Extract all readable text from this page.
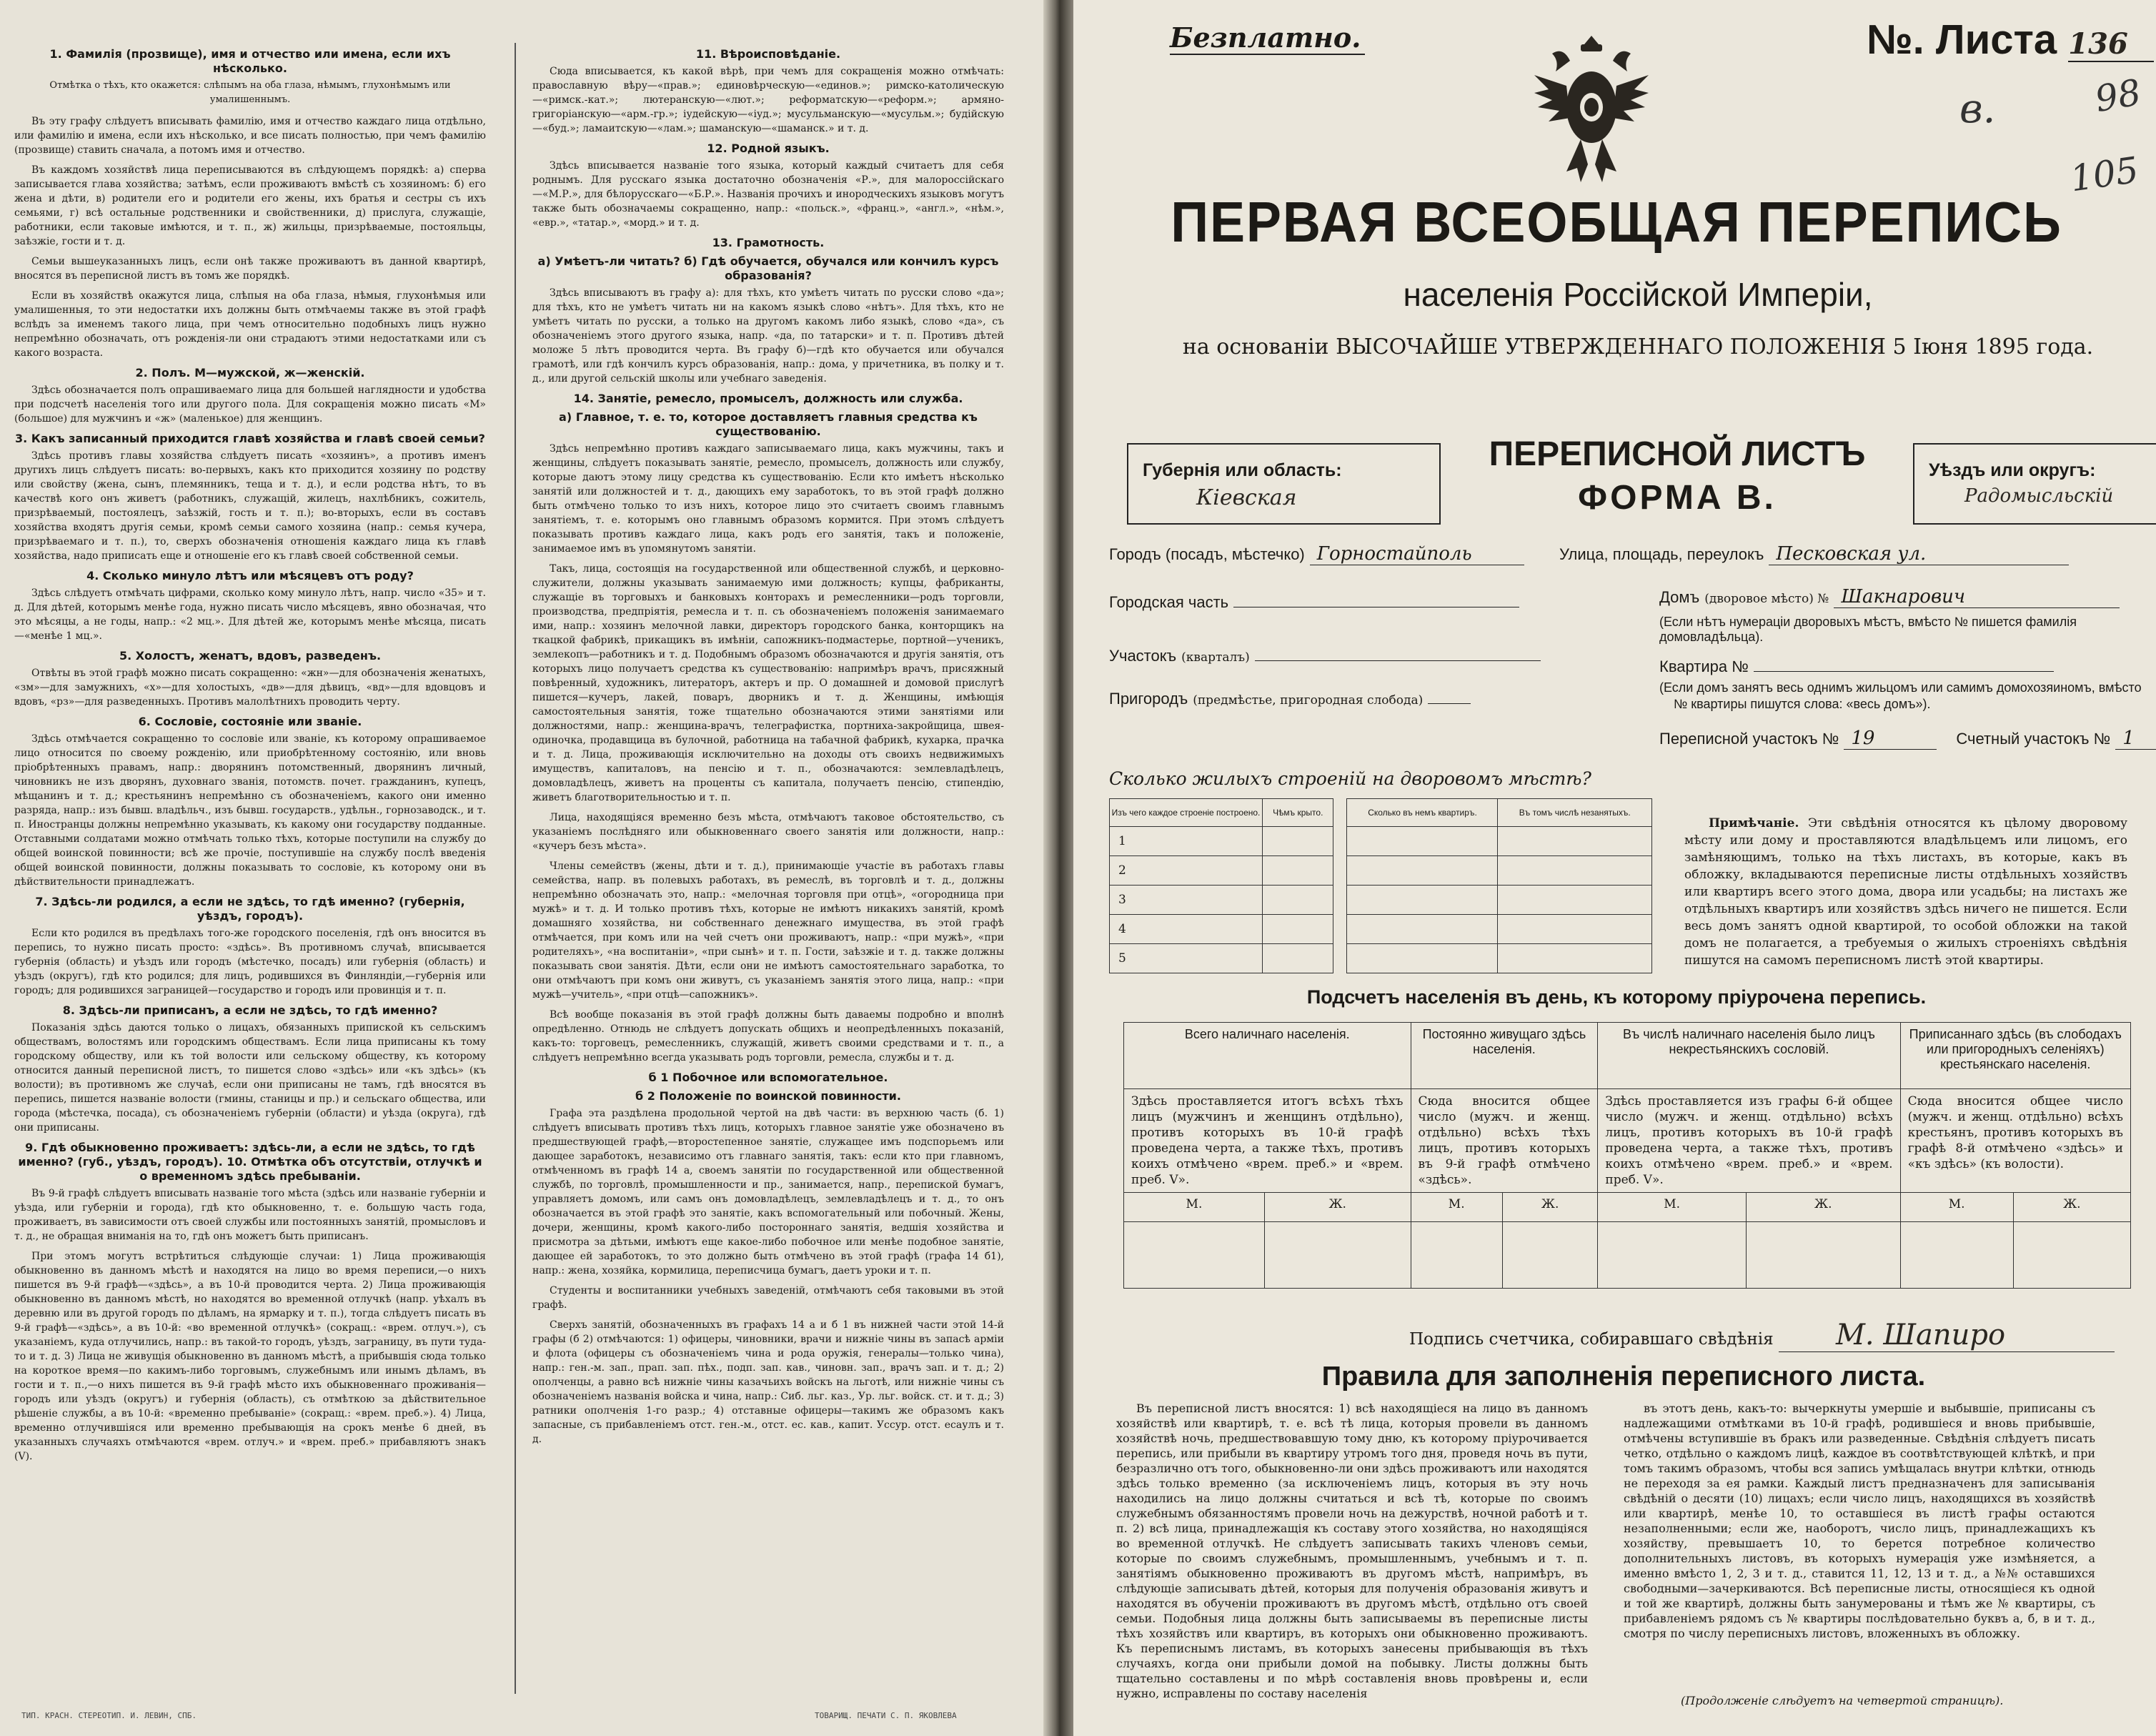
1. Фамилія (прозвище), имя и отчество или имена, если ихъ нѣсколько.
Отмѣтка о тѣхъ, кто окажется: слѣпымъ на оба глаза, нѣмымъ, глухонѣмымъ или умалишеннымъ.

Въ эту графу слѣдуетъ вписывать фамилію, имя и отчество каждаго лица отдѣльно, или фамилію и имена, если ихъ нѣсколько, и все писать полностью, при чемъ фамилію (прозвище) ставить сначала, а потомъ имя и отчество.

Въ каждомъ хозяйствѣ лица переписываются въ слѣдующемъ порядкѣ: а) сперва записывается глава хозяйства; затѣмъ, если проживаютъ вмѣстѣ съ хозяиномъ: б) его жена и дѣти, в) родители его и родители его жены, ихъ братья и сестры съ ихъ семьями, г) всѣ остальные родственники и свойственники, д) прислуга, служащіе, работники, если таковые имѣются, и т. п., ж) жильцы, призрѣваемые, постояльцы, заѣзжіе, гости и т. д.

Семьи вышеуказанныхъ лицъ, если онѣ также проживаютъ въ данной квартирѣ, вносятся въ переписной листъ въ томъ же порядкѣ.

Если въ хозяйствѣ окажутся лица, слѣпыя на оба глаза, нѣмыя, глухонѣмыя или умалишенныя, то эти недостатки ихъ должны быть отмѣчаемы также въ этой графѣ вслѣдъ за именемъ такого лица, при чемъ относительно подобныхъ лицъ нужно непремѣнно обозначать, отъ рожденія-ли они страдаютъ этими недостатками или съ какого возраста.

2. Полъ. М—мужской, ж—женскій.

Здѣсь обозначается полъ опрашиваемаго лица для большей наглядности и удобства при подсчетѣ населенія того или другого пола. Для сокращенія можно писать «М» (большое) для мужчинъ и «ж» (маленькое) для женщинъ.

3. Какъ записанный приходится главѣ хозяйства и главѣ своей семьи?

Здѣсь противъ главы хозяйства слѣдуетъ писать «хозяинъ», а противъ именъ другихъ лицъ слѣдуетъ писать: во-первыхъ, какъ кто приходится хозяину по родству или свойству (жена, сынъ, племянникъ, теща и т. д.), и если родства нѣтъ, то въ качествѣ кого онъ живетъ (работникъ, служащій, жилецъ, нахлѣбникъ, сожитель, призрѣваемый, постоялецъ, заѣзжій, гость и т. п.); во-вторыхъ, если въ составъ хозяйства входятъ другія семьи, кромѣ семьи самого хозяина (напр.: семья кучера, призрѣваемаго и т. п.), то, сверхъ обозначенія отношенія каждаго лица къ главѣ хозяйства, надо приписать еще и отношеніе его къ главѣ своей собственной семьи.

4. Сколько минуло лѣтъ или мѣсяцевъ отъ роду?

Здѣсь слѣдуетъ отмѣчать цифрами, сколько кому минуло лѣтъ, напр. число «35» и т. д. Для дѣтей, которымъ менѣе года, нужно писать число мѣсяцевъ, явно обозначая, что это мѣсяцы, а не годы, напр.: «2 мц.». Для дѣтей же, которымъ менѣе мѣсяца, писать—«менѣе 1 мц.».

5. Холостъ, женатъ, вдовъ, разведенъ.

Отвѣты въ этой графѣ можно писать сокращенно: «жн»—для обозначенія женатыхъ, «зм»—для замужнихъ, «х»—для холостыхъ, «дв»—для дѣвицъ, «вд»—для вдовцовъ и вдовъ, «рз»—для разведенныхъ. Противъ малолѣтнихъ проводить черту.

6. Сословіе, состояніе или званіе.

Здѣсь отмѣчается сокращенно то сословіе или званіе, къ которому опрашиваемое лицо относится по своему рожденію, или приобрѣтенному состоянію, или вновь пріобрѣтенныхъ правамъ, напр.: дворянинъ потомственный, дворянинъ личный, чиновникъ не изъ дворянъ, духовнаго званія, потомств. почет. гражданинъ, купецъ, мѣщанинъ и т. д.; крестьянинъ непремѣнно съ обозначеніемъ, какого они именно разряда, напр.: изъ бывш. владѣльч., изъ бывш. государств., удѣльн., горнозаводск., и т. п. Иностранцы должны непремѣнно указывать, къ какому они государству подданные. Отставными солдатами можно отмѣчать только тѣхъ, которые поступили на службу до общей воинской повинности; всѣ же прочіе, поступившіе на службу послѣ введенія общей воинской повинности, должны показывать то сословіе, къ которому они въ дѣйствительности принадлежатъ.

7. Здѣсь-ли родился, а если не здѣсь, то гдѣ именно? (губернія, уѣздъ, городъ).

Если кто родился въ предѣлахъ того-же городского поселенія, гдѣ онъ вносится въ перепись, то нужно писать просто: «здѣсь». Въ противномъ случаѣ, вписывается губернія (область) и уѣздъ или городъ (мѣстечко, посадъ) или губернія (область) и уѣздъ (округъ), гдѣ кто родился; для лицъ, родившихся въ Финляндіи,—губернія или городъ; для родившихся заграницей—государство и городъ или провинція и т. п.

8. Здѣсь-ли приписанъ, а если не здѣсь, то гдѣ именно?

Показанія здѣсь даются только о лицахъ, обязанныхъ припиской къ сельскимъ обществамъ, волостямъ или городскимъ обществамъ. Если лица приписаны къ тому городскому обществу, или къ той волости или сельскому обществу, къ которому относится данный переписной листъ, то пишется слово «здѣсь» или «къ здѣсь» (къ волости); въ противномъ же случаѣ, если они приписаны не тамъ, гдѣ вносятся въ перепись, пишется названіе волости (гмины, станицы и пр.) и сельскаго общества, или города (мѣстечка, посада), съ обозначеніемъ губерніи (области) и уѣзда (округа), гдѣ они приписаны.

9. Гдѣ обыкновенно проживаетъ: здѣсь-ли, а если не здѣсь, то гдѣ именно? (губ., уѣздъ, городъ). 10. Отмѣтка объ отсутствіи, отлучкѣ и о временномъ здѣсь пребываніи.

Въ 9-й графѣ слѣдуетъ вписывать названіе того мѣста (здѣсь или названіе губерніи и уѣзда, или губерніи и города), гдѣ кто обыкновенно, т. е. большую часть года, проживаетъ, въ зависимости отъ своей службы или постоянныхъ занятій, промысловъ и т. д., не обращая вниманія на то, гдѣ онъ можетъ быть приписанъ.

При этомъ могутъ встрѣтиться слѣдующіе случаи: 1) Лица проживающія обыкновенно въ данномъ мѣстѣ и находятся на лицо во время переписи,—о нихъ пишется въ 9-й графѣ—«здѣсь», а въ 10-й проводится черта. 2) Лица проживающія обыкновенно въ данномъ мѣстѣ, но находятся во временной отлучкѣ (напр. уѣхалъ въ деревню или въ другой городъ по дѣламъ, на ярмарку и т. п.), тогда слѣдуетъ писать въ 9-й графѣ—«здѣсь», а въ 10-й: «во временной отлучкѣ» (сокращ.: «врем. отлуч.»), съ указаніемъ, куда отлучились, напр.: въ такой-то городъ, уѣздъ, заграницу, въ пути туда-то и т. д. 3) Лица не живущія обыкновенно въ данномъ мѣстѣ, а прибывшія сюда только на короткое время—по какимъ-либо торговымъ, служебнымъ или инымъ дѣламъ, въ гости и т. п.,—о нихъ пишется въ 9-й графѣ мѣсто ихъ обыкновеннаго проживанія—городъ или уѣздъ (округъ) и губернія (область), съ отмѣткою за дѣйствительное рѣшеніе службы, а въ 10-й: «временно пребываніе» (сокращ.: «врем. преб.»). 4) Лица, временно отлучившіяся или временно пребывающія на срокъ менѣе 6 дней, въ указанныхъ случаяхъ отмѣчаются «врем. отлуч.» и «врем. преб.» прибавляютъ знакъ (V).

11. Вѣроисповѣданіе.

Сюда вписывается, къ какой вѣрѣ, при чемъ для сокращенія можно отмѣчать: православную вѣру—«прав.»; единовѣрческую—«единов.»; римско-католическую—«римск.-кат.»; лютеранскую—«лют.»; реформатскую—«реформ.»; армяно-григоріанскую—«арм.-гр.»; іудейскую—«іуд.»; мусульманскую—«мусульм.»; будійскую—«буд.»; ламаитскую—«лам.»; шаманскую—«шаманск.» и т. д.

12. Родной языкъ.

Здѣсь вписывается названіе того языка, который каждый считаетъ для себя роднымъ. Для русскаго языка достаточно обозначенія «Р.», для малороссійскаго—«М.Р.», для бѣлорусскаго—«Б.Р.». Названія прочихъ и инородческихъ языковъ могутъ также быть обозначаемы сокращенно, напр.: «польск.», «франц.», «англ.», «нѣм.», «евр.», «татар.», «морд.» и т. д.

13. Грамотность.
а) Умѣетъ-ли читать? б) Гдѣ обучается, обучался или кончилъ курсъ образованія?

Здѣсь вписываютъ въ графу а): для тѣхъ, кто умѣетъ читать по русски слово «да»; для тѣхъ, кто не умѣетъ читать ни на какомъ языкѣ слово «нѣтъ». Для тѣхъ, кто не умѣетъ читать по русски, а только на другомъ какомъ либо языкѣ, слово «да», съ обозначеніемъ этого другого языка, напр. «да, по татарски» и т. п. Противъ дѣтей моложе 5 лѣтъ проводится черта. Въ графу б)—гдѣ кто обучается или обучался грамотѣ, или гдѣ кончилъ курсъ образованія, напр.: дома, у причетника, въ полку и т. д., или другой сельскій школы или учебнаго заведенія.

14. Занятіе, ремесло, промыселъ, должность или служба.
а) Главное, т. е. то, которое доставляетъ главныя средства къ существованію.

Здѣсь непремѣнно противъ каждаго записываемаго лица, какъ мужчины, такъ и женщины, слѣдуетъ показывать занятіе, ремесло, промыселъ, должность или службу, которые даютъ этому лицу средства къ существованію. Если кто имѣетъ нѣсколько занятій или должностей и т. д., дающихъ ему заработокъ, то въ этой графѣ должно быть отмѣчено только то изъ нихъ, которое лицо это считаетъ своимъ главнымъ занятіемъ, т. е. которымъ оно главнымъ образомъ кормится. При этомъ слѣдуетъ показывать противъ каждаго лица, какъ родъ его занятія, такъ и положеніе, занимаемое имъ въ упомянутомъ занятіи.

Такъ, лица, состоящія на государственной или общественной службѣ, и церковно-служители, должны указывать занимаемую ими должность; купцы, фабриканты, служащіе въ торговыхъ и банковыхъ конторахъ и ремесленники—родъ торговли, производства, предпріятія, ремесла и т. п. съ обозначеніемъ положенія занимаемаго ими, напр.: хозяинъ мелочной лавки, директоръ городского банка, конторщикъ на ткацкой фабрикѣ, прикащикъ въ имѣніи, сапожникъ-подмастерье, портной—ученикъ, землекопъ—работникъ и т. д. Подобнымъ образомъ обозначаются и другія занятія, отъ которыхъ лицо получаетъ средства къ существованію: напримѣръ врачъ, присяжный повѣренный, художникъ, литераторъ, актеръ и пр. О домашней и домовой прислугѣ пишется—кучеръ, лакей, поваръ, дворникъ и т. д. Женщины, имѣющія самостоятельныя занятія, тоже тщательно обозначаются этими занятіями или должностями, напр.: женщина-врачъ, телеграфистка, портниха-закройщица, швея-одиночка, продавщица въ булочной, работница на табачной фабрикѣ, кухарка, прачка и т. д. Лица, проживающія исключительно на доходы отъ своихъ недвижимыхъ имуществъ, капиталовъ, на пенсію и т. п., обозначаются: землевладѣлецъ, домовладѣлецъ, живетъ на проценты съ капитала, получаетъ пенсію, стипендію, живетъ благотворительностью и т. п.

Лица, находящіяся временно безъ мѣста, отмѣчаютъ таковое обстоятельство, съ указаніемъ послѣдняго или обыкновеннаго своего занятія или должности, напр.: «кучеръ безъ мѣста».

Члены семействъ (жены, дѣти и т. д.), принимающіе участіе въ работахъ главы семейства, напр. въ полевыхъ работахъ, въ ремеслѣ, въ торговлѣ и т. д., должны непремѣнно обозначать это, напр.: «мелочная торговля при отцѣ», «огородница при мужѣ» и т. д. И только противъ тѣхъ, которые не имѣютъ никакихъ занятій, кромѣ домашняго хозяйства, ни собственнаго денежнаго имущества, въ этой графѣ отмѣчается, при комъ или на чей счетъ они проживаютъ, напр.: «при мужѣ», «при родителяхъ», «на воспитаніи», «при сынѣ» и т. п. Гости, заѣзжіе и т. д. также должны показывать свои занятія. Дѣти, если они не имѣютъ самостоятельнаго заработка, то они отмѣчаютъ при комъ они живутъ, съ указаніемъ занятія этого лица, напр.: «при мужѣ—учитель», «при отцѣ—сапожникъ».

Всѣ вообще показанія въ этой графѣ должны быть даваемы подробно и вполнѣ опредѣленно. Отнюдь не слѣдуетъ допускать общихъ и неопредѣленныхъ показаній, какъ-то: торговецъ, ремесленникъ, служащій, живетъ своими средствами и т. п., а слѣдуетъ непремѣнно всегда указывать родъ торговли, ремесла, службы и т. д.

б 1 Побочное или вспомогательное.
б 2 Положеніе по воинской повинности.

Графа эта раздѣлена продольной чертой на двѣ части: въ верхнюю часть (б. 1) слѣдуетъ вписывать противъ тѣхъ лицъ, которыхъ главное занятіе уже обозначено въ предшествующей графѣ,—второстепенное занятіе, служащее имъ подспорьемъ или дающее заработокъ, независимо отъ главнаго занятія, такъ: если кто при главномъ, отмѣченномъ въ графѣ 14 а, своемъ занятіи по государственной или общественной службѣ, по торговлѣ, промышленности и пр., занимается, напр., перепиской бумагъ, управляетъ домомъ, или самъ онъ домовладѣлецъ, землевладѣлецъ и т. д., то онъ обозначается въ этой графѣ это занятіе, какъ вспомогательный или побочный. Жены, дочери, женщины, кромѣ какого-либо постороннаго занятія, ведшія хозяйства и присмотра за дѣтьми, имѣютъ еще какое-либо побочное или менѣе подобное занятіе, дающее ей заработокъ, то это должно быть отмѣчено въ этой графѣ (графа 14 б1), напр.: жена, хозяйка, кормилица, переписчица бумагъ, даетъ уроки и т. п.

Студенты и воспитанники учебныхъ заведеній, отмѣчаютъ себя таковыми въ этой графѣ.

Сверхъ занятій, обозначенныхъ въ графахъ 14 а и б 1 въ нижней части этой 14-й графы (б 2) отмѣчаются: 1) офицеры, чиновники, врачи и нижніе чины въ запасѣ арміи и флота (офицеры съ обозначеніемъ чина и рода оружія, генералы—только чина), напр.: ген.-м. зап., прап. зап. пѣх., подп. зап. кав., чиновн. зап., врачъ зап. и т. д.; 2) ополченцы, а равно всѣ нижніе чины казачьихъ войскъ на льготѣ, или нижніе чины съ обозначеніемъ названія войска и чина, напр.: Сиб. льг. каз., Ур. льг. войск. ст. и т. д.; 3) ратники ополченія 1-го разр.; 4) отставные офицеры—такимъ же образомъ какъ запасные, съ прибавленіемъ отст. ген.-м., отст. ес. кав., капит. Уссур. отст. есаулъ и т. д.

ТИП. КРАСН. СТЕРЕОТИП. И. ЛЕВИН, СПБ.	ТОВАРИЩ. ПЕЧАТИ С. П. ЯКОВЛЕВА
Безплатно.	№. Листа 136
в.	98
105
ПЕРВАЯ ВСЕОБЩАЯ ПЕРЕПИСЬ
населенія Россійской Имперіи,
на основаніи ВЫСОЧАЙШЕ УТВЕРЖДЕННАГО ПОЛОЖЕНІЯ 5 Іюня 1895 года.
Губернія или область:
Кіевская
ПЕРЕПИСНОЙ ЛИСТЪ
ФОРМА В.
Уѣздъ или округъ:
Радомысльскій
Городъ (посадъ, мѣстечко) Горностайполь	Улица, площадь, переулокъ Песковская ул.
Городская часть	Домъ (дворовое мѣсто) № Шакнарович
(Если нѣтъ нумераціи дворовыхъ мѣстъ, вмѣсто № пишется фамилія домовладѣльца).
Участокъ (кварталъ)	Квартира №
(Если домъ занятъ весь однимъ жильцомъ или самимъ домохозяиномъ, вмѣсто
№ квартиры пишутся слова: «весь домъ»).
Пригородъ (предмѣстье, пригородная слобода)
Переписной участокъ № 19	Счетный участокъ № 1
Сколько жилыхъ строеній на дворовомъ мѣстѣ?
Изъ чего каждое строеніе построено.	Чѣмъ крыто.		Сколько въ немъ квартиръ.	Въ томъ числѣ незанятыхъ.
1				
2				
3				
4				
5				
Примѣчаніе. Эти свѣдѣнія относятся къ цѣлому дворовому мѣсту или дому и проставляются владѣльцемъ или лицомъ, его замѣняющимъ, только на тѣхъ листахъ, въ которые, какъ въ обложку, вкладываются переписные листы отдѣльныхъ хозяйствъ или квартиръ всего этого дома, двора или усадьбы; на листахъ же отдѣльныхъ квартиръ или хозяйствъ здѣсь ничего не пишется. Если весь домъ занятъ одной квартирой, то особой обложки на такой домъ не полагается, а требуемыя о жилыхъ строеніяхъ свѣдѣнія пишутся на самомъ переписномъ листѣ этой квартиры.
Подсчетъ населенія въ день, къ которому пріурочена перепись.
Всего наличнаго населенія.		Постоянно живущаго здѣсь населенія.		Въ числѣ наличнаго населенія было лицъ некрестьянскихъ сословій.		Приписаннаго здѣсь (въ слободахъ или пригородныхъ селеніяхъ) крестьянскаго населенія.	
Здѣсь проставляется итогъ всѣхъ тѣхъ лицъ (мужчинъ и женщинъ отдѣльно), противъ которыхъ въ 10-й графѣ проведена черта, а также тѣхъ, противъ коихъ отмѣчено «врем. преб.» и «врем. преб. V».		Сюда вносится общее число (мужч. и женщ. отдѣльно) всѣхъ тѣхъ лицъ, противъ которыхъ въ 9-й графѣ отмѣчено «здѣсь».		Здѣсь проставляется изъ графы 6-й общее число (мужч. и женщ. отдѣльно) всѣхъ лицъ, противъ которыхъ въ 10-й графѣ проведена черта, а также тѣхъ, противъ коихъ отмѣчено «врем. преб.» и «врем. преб. V».		Сюда вносится общее число (мужч. и женщ. отдѣльно) всѣхъ крестьянъ, противъ которыхъ въ графѣ 8-й отмѣчено «здѣсь» и «къ здѣсь» (къ волости).	
М.	Ж.	М.	Ж.	М.	Ж.	М.	Ж.

Подпись счетчика, собиравшаго свѣдѣнія М. Шапиро
Правила для заполненія переписного листа.

Въ переписной листъ вносятся: 1) всѣ находящіеся на лицо въ данномъ хозяйствѣ или квартирѣ, т. е. всѣ тѣ лица, которыя провели въ данномъ хозяйствѣ ночь, предшествовавшую тому дню, къ которому пріурочивается перепись, или прибыли въ квартиру утромъ того дня, проведя ночь въ пути, безразлично отъ того, обыкновенно-ли они здѣсь проживаютъ или находятся здѣсь только временно (за исключеніемъ лицъ, которыя въ эту ночь находились на лицо должны считаться и всѣ тѣ, которые по своимъ служебнымъ обязанностямъ провели ночь на дежурствѣ, ночной работѣ и т. п. 2) всѣ лица, принадлежащія къ составу этого хозяйства, но находящіяся во временной отлучкѣ. Не слѣдуетъ записывать такихъ членовъ семьи, которые по своимъ служебнымъ, промышленнымъ, учебнымъ и т. п. занятіямъ обыкновенно проживаютъ въ другомъ мѣстѣ, напримѣръ, въ слѣдующіе записывать дѣтей, которыя для полученія образованія живутъ и находятся въ обученіи проживаютъ въ другомъ мѣстѣ, отдѣльно отъ своей семьи. Подобныя лица должны быть записываемы въ переписные листы тѣхъ хозяйствъ или квартиръ, въ которыхъ они обыкновенно проживаютъ. Къ переписнымъ листамъ, въ которыхъ занесены прибывающія въ тѣхъ случаяхъ, когда они прибыли домой на побывку. Листы должны быть тщательно составлены и по мѣрѣ составленія вновь провѣрены и, если нужно, исправлены по составу населенія

въ этотъ день, какъ-то: вычеркнуты умершіе и выбывшіе, приписаны съ надлежащими отмѣтками въ 10-й графѣ, родившіеся и вновь прибывшіе, отмѣчены вступившіе въ бракъ или разведенные. Свѣдѣнія слѣдуетъ писать четко, отдѣльно о каждомъ лицѣ, каждое въ соотвѣтствующей клѣткѣ, и при томъ такимъ образомъ, чтобы вся запись умѣщалась внутри клѣтки, отнюдь не переходя за ея рамки. Каждый листъ предназначенъ для записыванія свѣдѣній о десяти (10) лицахъ; если число лицъ, находящихся въ хозяйствѣ или квартирѣ, менѣе 10, то оставшіеся въ листѣ графы остаются незаполненными; если же, наоборотъ, число лицъ, принадлежащихъ къ хозяйству, превышаетъ 10, то берется потребное количество дополнительныхъ листовъ, въ которыхъ нумерація уже измѣняется, а именно вмѣсто 1, 2, 3 и т. д., ставится 11, 12, 13 и т. д., а №№ оставшихся свободными—зачеркиваются. Всѣ переписные листы, относящіеся къ одной и той же квартирѣ, должны быть занумерованы и тѣмъ же № квартиры, съ прибавленіемъ рядомъ съ № квартиры послѣдовательно буквъ а, б, в и т. д., смотря по числу переписныхъ листовъ, вложенныхъ въ обложку.

(Продолженіе слѣдуетъ на четвертой страницѣ).
